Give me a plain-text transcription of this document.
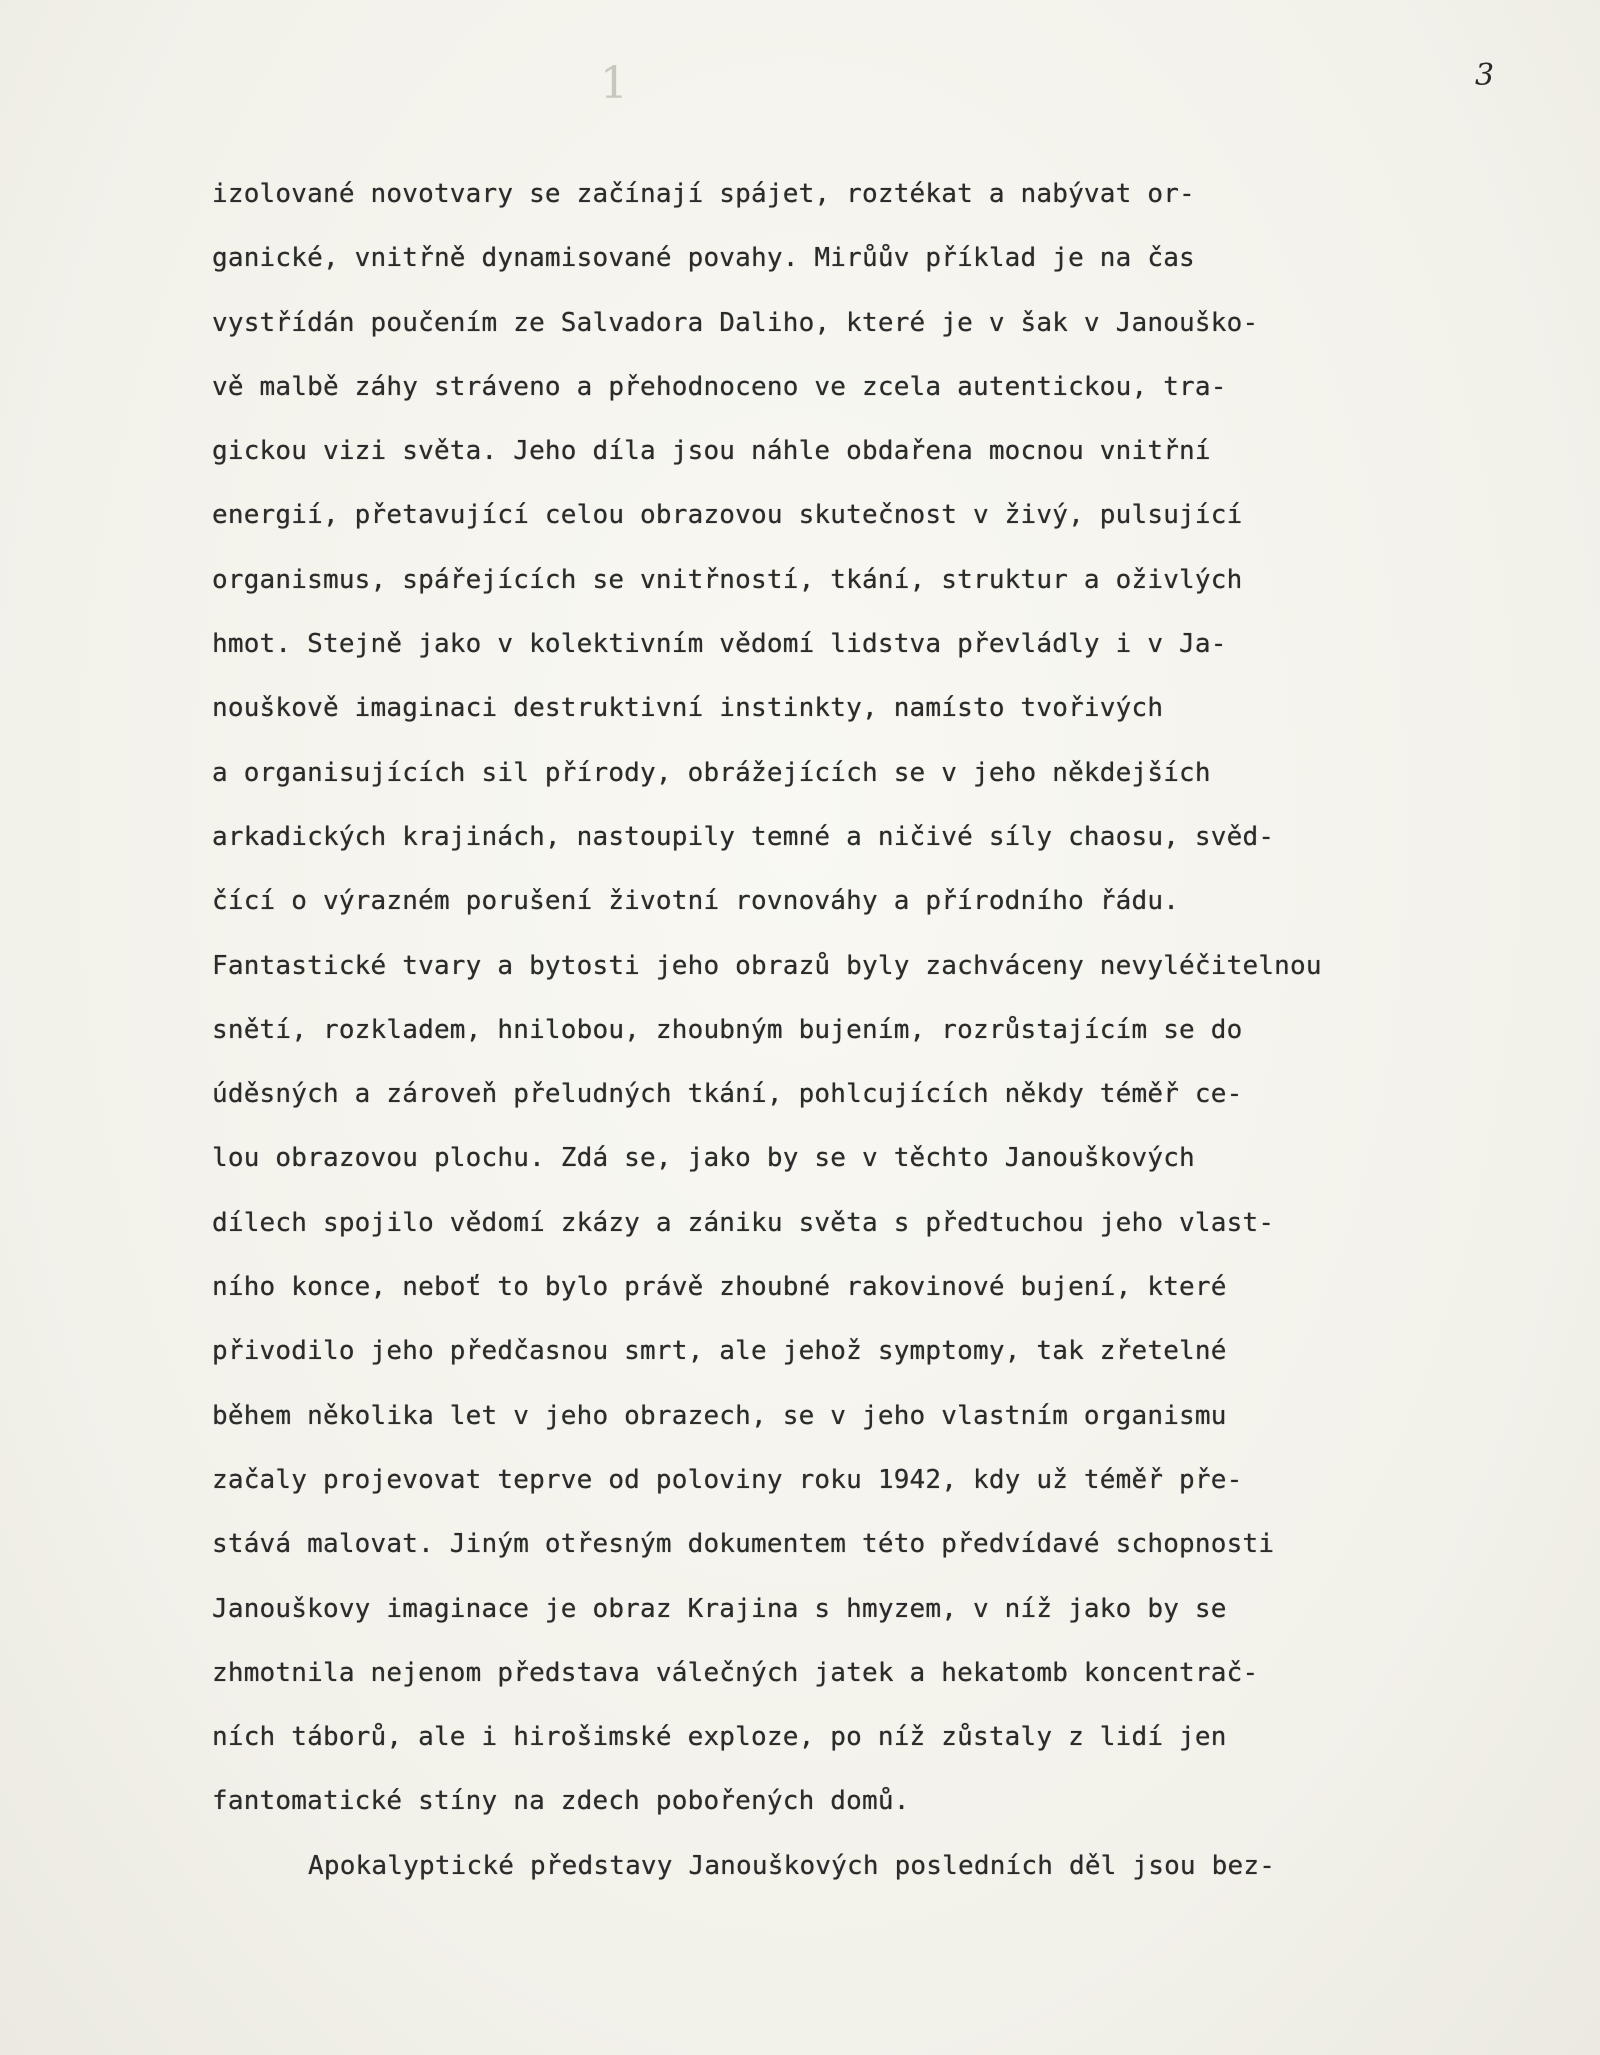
1	3
izolované novotvary se začínají spájet, roztékat a nabývat or-
ganické, vnitřně dynamisované povahy. Mirůův příklad je na čas
vystřídán poučením ze Salvadora Daliho, které je v šak v Janouško-
vě malbě záhy stráveno a přehodnoceno ve zcela autentickou, tra-
gickou vizi světa. Jeho díla jsou náhle obdařena mocnou vnitřní
energií, přetavující celou obrazovou skutečnost v živý, pulsující
organismus, spářejících se vnitřností, tkání, struktur a oživlých
hmot. Stejně jako v kolektivním vědomí lidstva převládly i v Ja-
nouškově imaginaci destruktivní instinkty, namísto tvořivých
a organisujících sil přírody, obrážejících se v jeho někdejších
arkadických krajinách, nastoupily temné a ničivé síly chaosu, svěd-
čící o výrazném porušení životní rovnováhy a přírodního řádu.
Fantastické tvary a bytosti jeho obrazů byly zachváceny nevyléčitelnou
snětí, rozkladem, hnilobou, zhoubným bujením, rozrůstajícím se do
úděsných a zároveň přeludných tkání, pohlcujících někdy téměř ce-
lou obrazovou plochu. Zdá se, jako by se v těchto Janouškových
dílech spojilo vědomí zkázy a zániku světa s předtuchou jeho vlast-
ního konce, neboť to bylo právě zhoubné rakovinové bujení, které
přivodilo jeho předčasnou smrt, ale jehož symptomy, tak zřetelné
během několika let v jeho obrazech, se v jeho vlastním organismu
začaly projevovat teprve od poloviny roku 1942, kdy už téměř pře-
stává malovat. Jiným otřesným dokumentem této předvídavé schopnosti
Janouškovy imaginace je obraz Krajina s hmyzem, v níž jako by se
zhmotnila nejenom představa válečných jatek a hekatomb koncentrač-
ních táborů, ale i hirošimské exploze, po níž zůstaly z lidí jen
fantomatické stíny na zdech pobořených domů.
Apokalyptické představy Janouškových posledních děl jsou bez-
